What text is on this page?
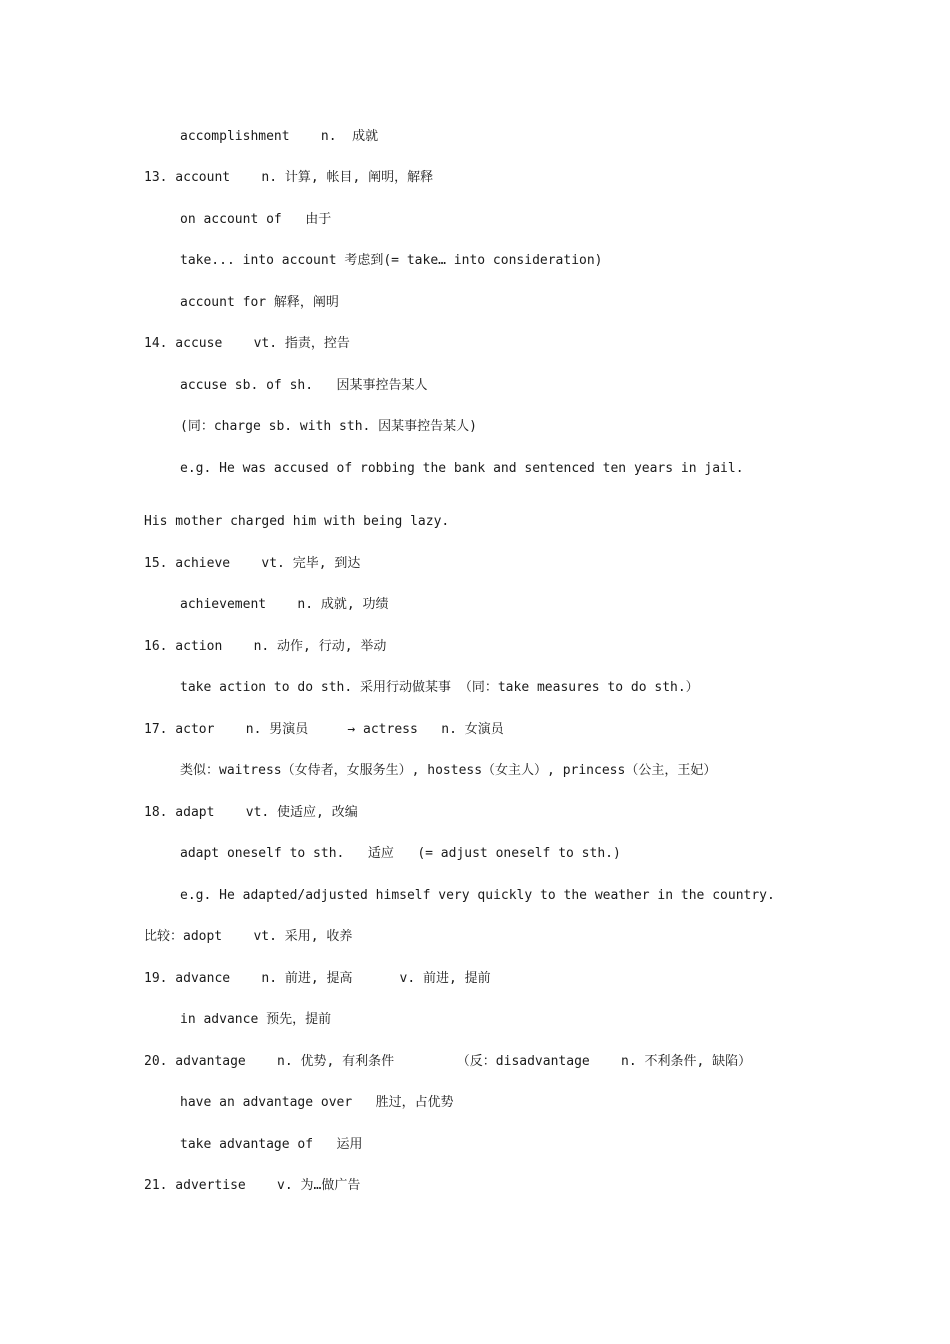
accomplishment    n.  成就

13. account    n. 计算, 帐目, 阐明，解释

on account of   由于

take... into account 考虑到(= take… into consideration)

account for 解释，阐明

14. accuse    vt. 指责，控告

accuse sb. of sh.   因某事控告某人

(同：charge sb. with sth. 因某事控告某人)

e.g. He was accused of robbing the bank and sentenced ten years in jail.

His mother charged him with being lazy.

15. achieve    vt. 完毕, 到达

achievement    n. 成就, 功绩

16. action    n. 动作, 行动, 举动

take action to do sth. 采用行动做某事 （同：take measures to do sth.）

17. actor    n. 男演员     → actress   n. 女演员

类似：waitress（女侍者，女服务生）, hostess（女主人）, princess（公主，王妃）

18. adapt    vt. 使适应, 改编

adapt oneself to sth.   适应   (= adjust oneself to sth.)

e.g. He adapted/adjusted himself very quickly to the weather in the country.

比较：adopt    vt. 采用, 收养

19. advance    n. 前进, 提高      v. 前进, 提前

in advance 预先，提前

20. advantage    n. 优势, 有利条件        （反：disadvantage    n. 不利条件, 缺陷）

have an advantage over   胜过，占优势

take advantage of   运用

21. advertise    v. 为…做广告
